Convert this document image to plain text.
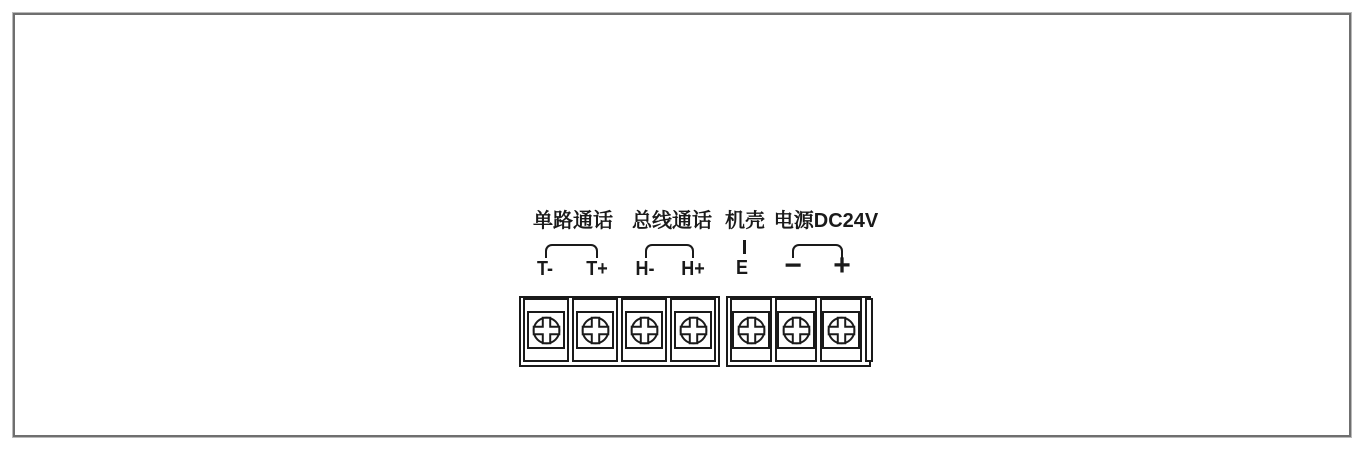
单路通话 总线通话 机壳 电源DC24V
T- T+ H- H+ E − +
